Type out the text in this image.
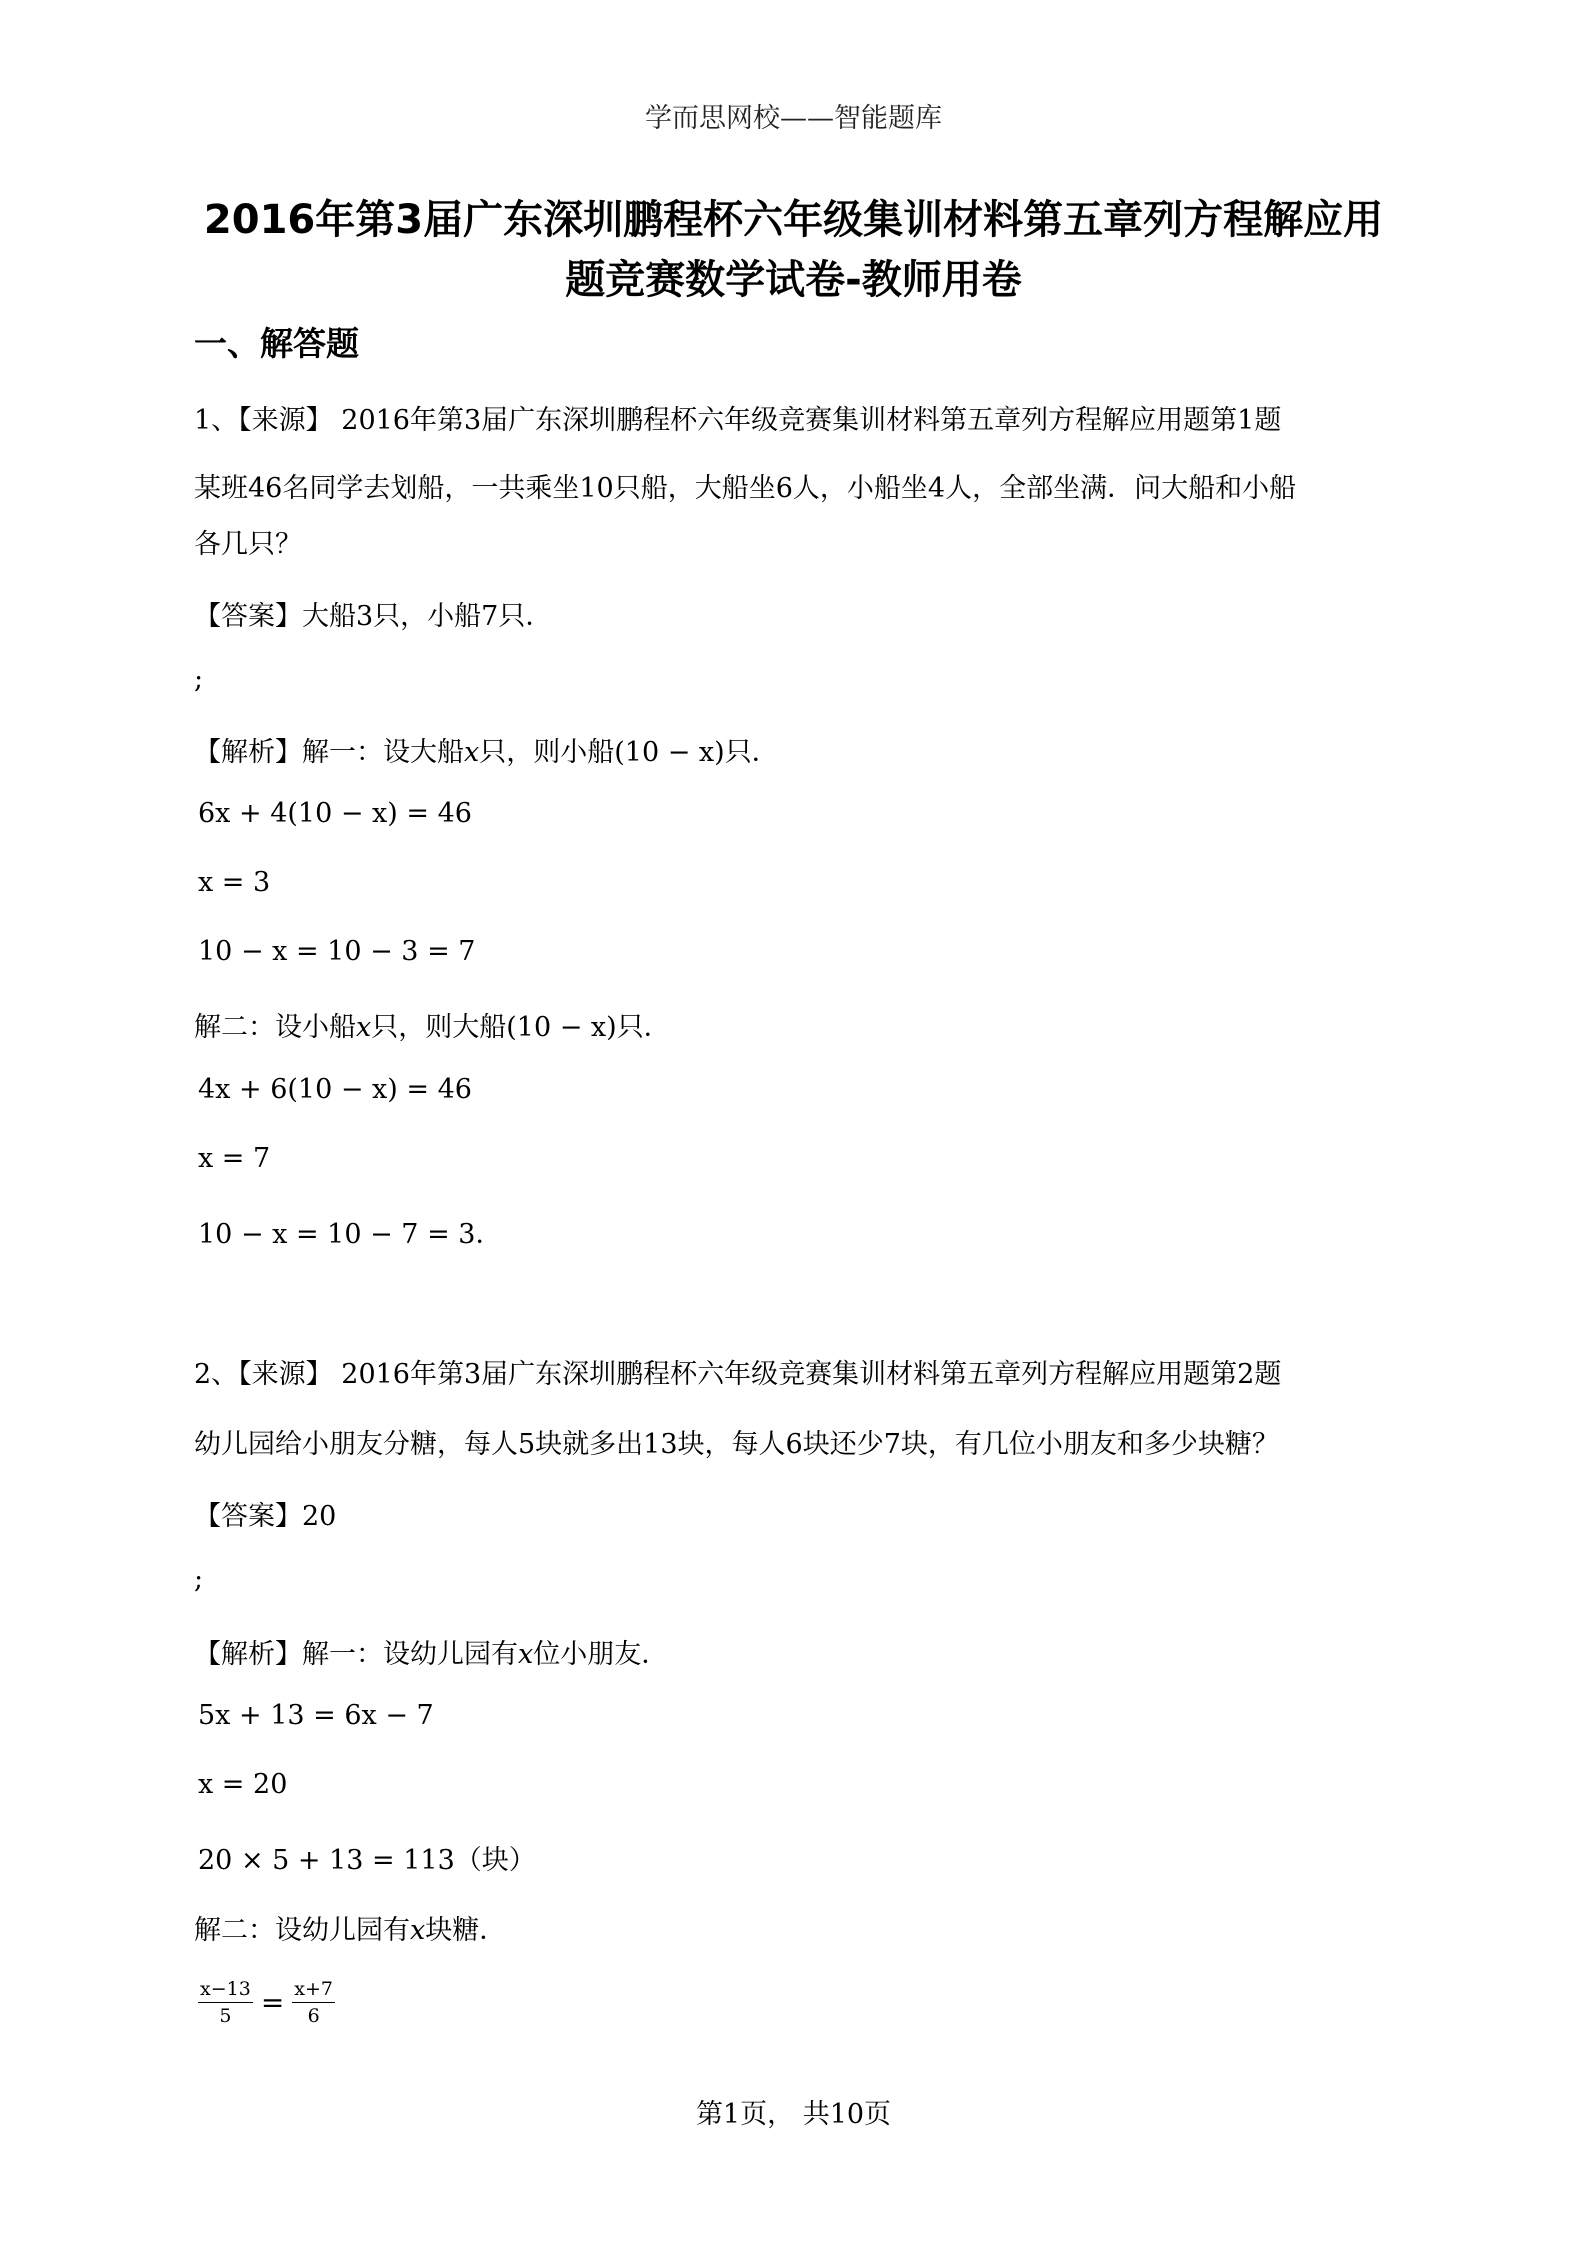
学而思网校——智能题库
2016年第3届广东深圳鹏程杯六年级集训材料第五章列方程解应用
题竞赛数学试卷-教师用卷
一、解答题
1、【来源】 2016年第3届广东深圳鹏程杯六年级竞赛集训材料第五章列方程解应用题第1题
某班46名同学去划船，一共乘坐10只船，大船坐6人，小船坐4人，全部坐满．问大船和小船
各几只？
【答案】大船3只，小船7只．
;
【解析】解一：设大船x只，则小船(10 − x)只．
6x + 4(10 − x) = 46
x = 3
10 − x = 10 − 3 = 7
解二：设小船x只，则大船(10 − x)只．
4x + 6(10 − x) = 46
x = 7
10 − x = 10 − 7 = 3．
2、【来源】 2016年第3届广东深圳鹏程杯六年级竞赛集训材料第五章列方程解应用题第2题
幼儿园给小朋友分糖，每人5块就多出13块，每人6块还少7块，有几位小朋友和多少块糖？
【答案】20
;
【解析】解一：设幼儿园有x位小朋友．
5x + 13 = 6x − 7
x = 20
20 × 5 + 13 = 113（块）
解二：设幼儿园有x块糖．
$\frac{x-13}{5} = \frac{x+7}{6}$
第1页， 共10页
